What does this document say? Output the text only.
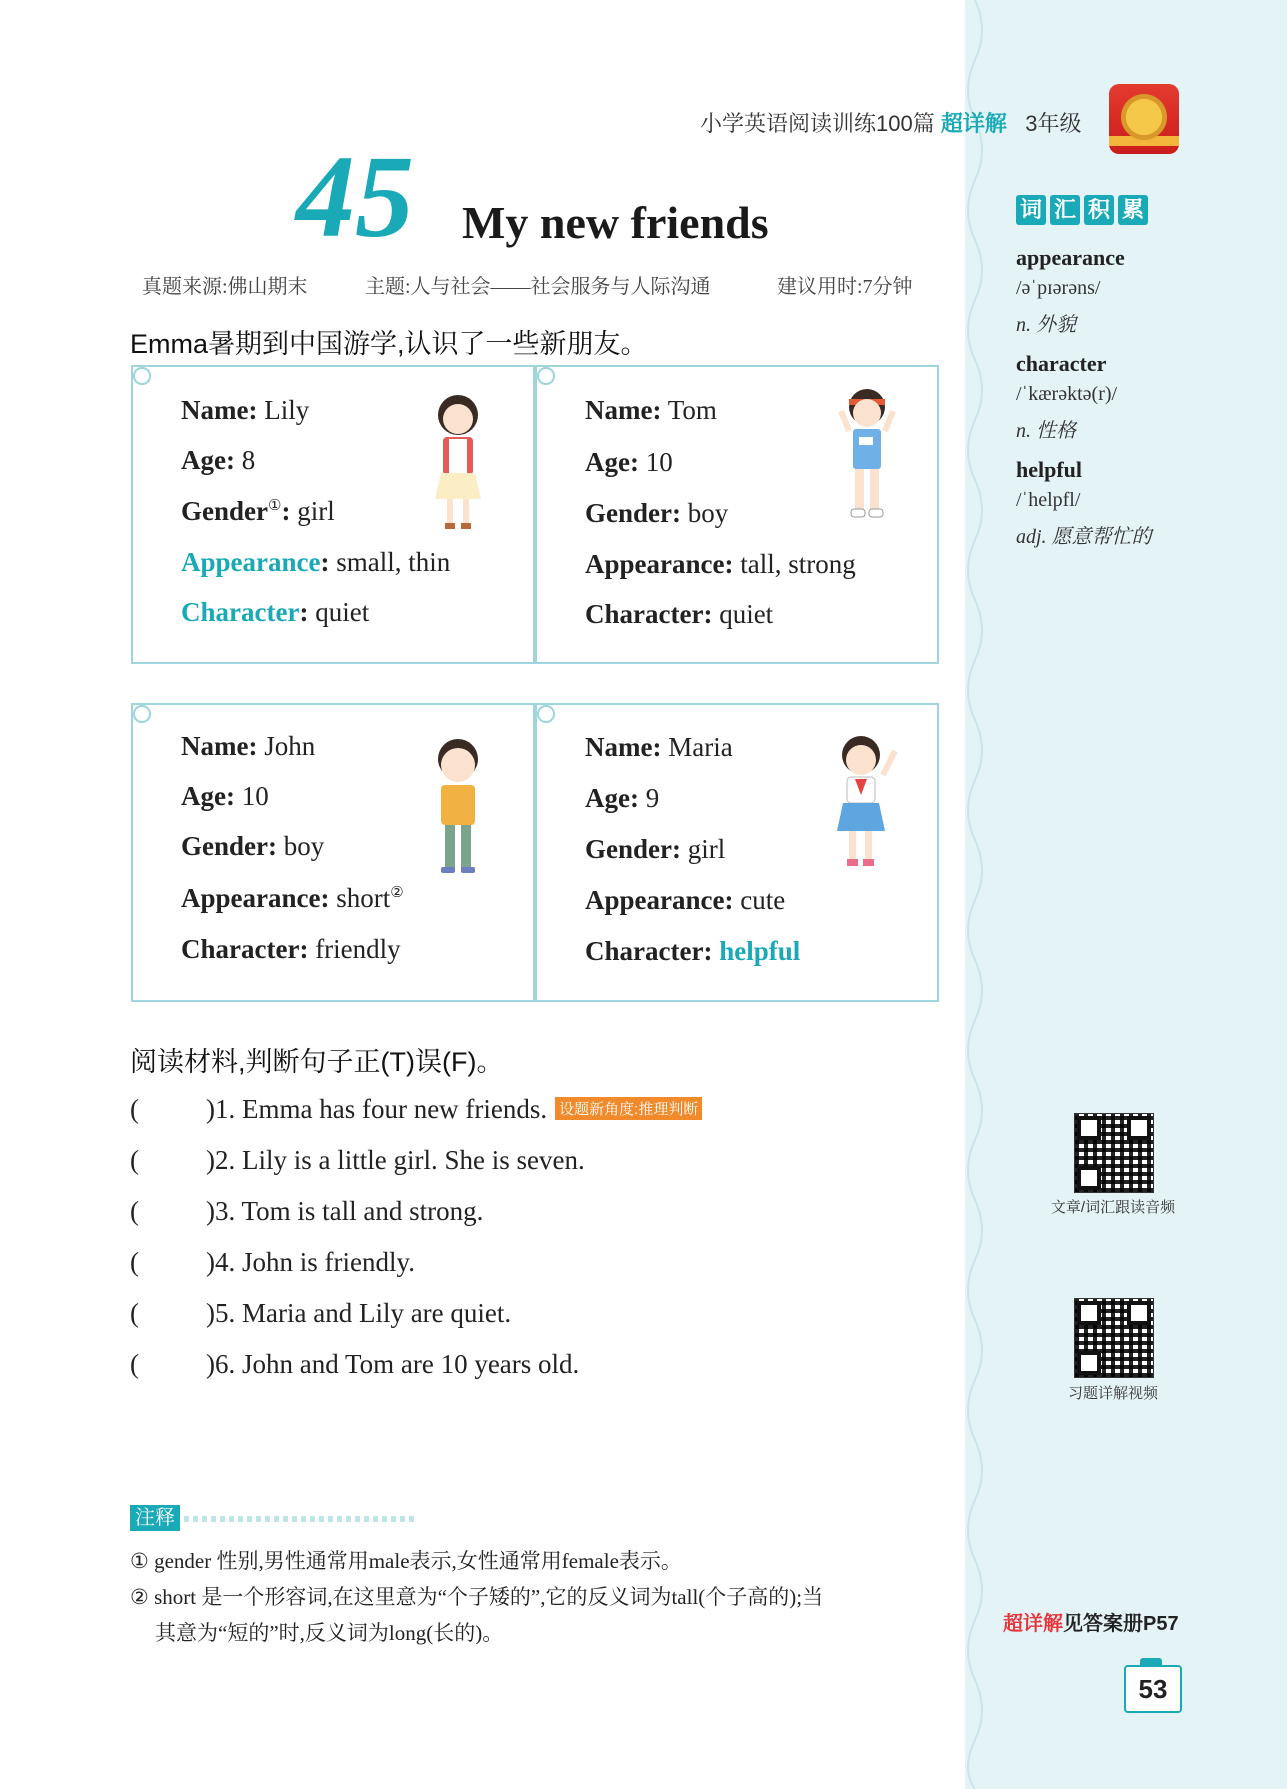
小学英语阅读训练100篇 超详解 3年级
45 My new friends
真题来源:佛山期末	主题:人与社会——社会服务与人际沟通	建议用时:7分钟
Emma暑期到中国游学,认识了一些新朋友。
Name: Lily
Age: 8
Gender①: girl
Appearance: small, thin
Character: quiet
Name: Tom
Age: 10
Gender: boy
Appearance: tall, strong
Character: quiet
Name: John
Age: 10
Gender: boy
Appearance: short②
Character: friendly
Name: Maria
Age: 9
Gender: girl
Appearance: cute
Character: helpful
阅读材料,判断句子正(T)误(F)。
( )1. Emma has four new friends. 设题新角度:推理判断
( )2. Lily is a little girl. She is seven.
( )3. Tom is tall and strong.
( )4. John is friendly.
( )5. Maria and Lily are quiet.
( )6. John and Tom are 10 years old.
注释
① gender 性别,男性通常用male表示,女性通常用female表示。
② short 是一个形容词,在这里意为“个子矮的”,它的反义词为tall(个子高的);当
其意为“短的”时,反义词为long(长的)。
词 汇 积 累
appearance
/əˈpɪərəns/
n. 外貌
character
/ˈkærəktə(r)/
n. 性格
helpful
/ˈhelpfl/
adj. 愿意帮忙的
文章/词汇跟读音频
习题详解视频
超详解见答案册P57
53
